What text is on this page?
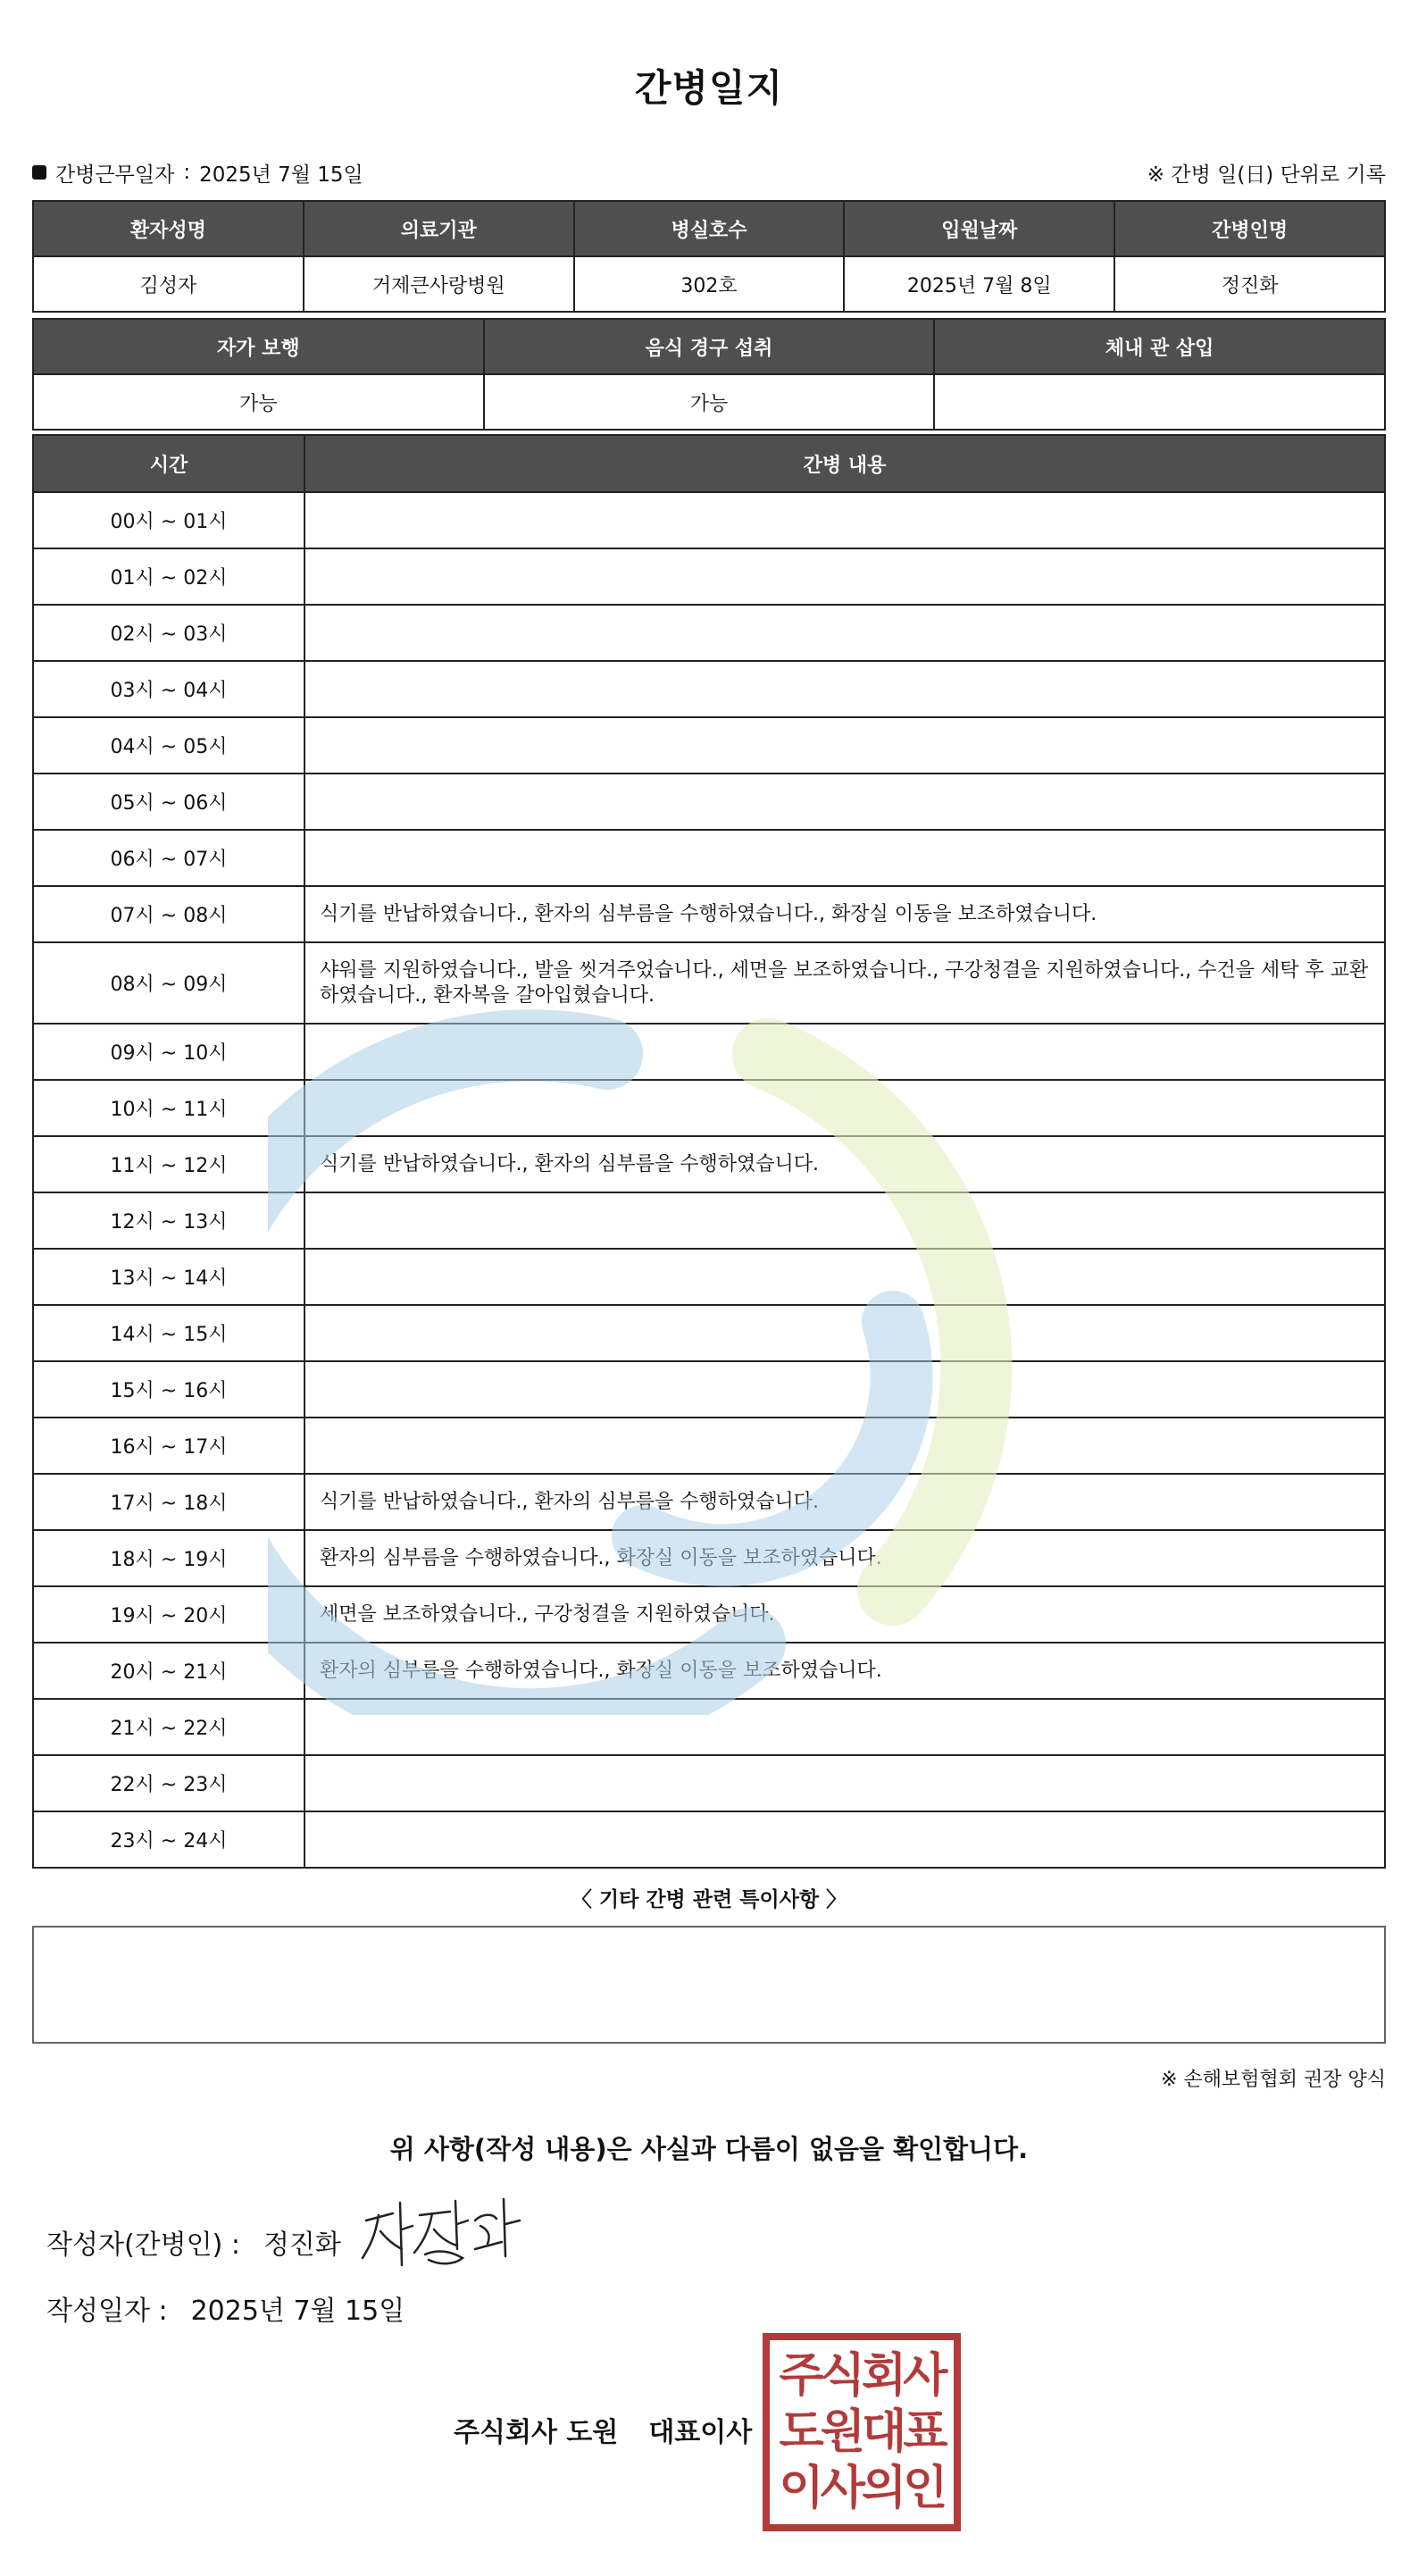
간병일지
간병근무일자 : 2025년 7월 15일	※ 간병 일(日) 단위로 기록
환자성명	의료기관	병실호수	입원날짜	간병인명
김성자	거제큰사랑병원	302호	2025년 7월 8일	정진화
자가 보행	음식 경구 섭취	체내 관 삽입
가능	가능	
시간	간병 내용
00시 ~ 01시	
01시 ~ 02시	
02시 ~ 03시	
03시 ~ 04시	
04시 ~ 05시	
05시 ~ 06시	
06시 ~ 07시	
07시 ~ 08시	식기를 반납하였습니다., 환자의 심부름을 수행하였습니다., 화장실 이동을 보조하였습니다.
08시 ~ 09시	샤워를 지원하였습니다., 발을 씻겨주었습니다., 세면을 보조하였습니다., 구강청결을 지원하였습니다., 수건을 세탁 후 교환하였습니다., 환자복을 갈아입혔습니다.
09시 ~ 10시	
10시 ~ 11시	
11시 ~ 12시	식기를 반납하였습니다., 환자의 심부름을 수행하였습니다.
12시 ~ 13시	
13시 ~ 14시	
14시 ~ 15시	
15시 ~ 16시	
16시 ~ 17시	
17시 ~ 18시	식기를 반납하였습니다., 환자의 심부름을 수행하였습니다.
18시 ~ 19시	환자의 심부름을 수행하였습니다., 화장실 이동을 보조하였습니다.
19시 ~ 20시	세면을 보조하였습니다., 구강청결을 지원하였습니다.
20시 ~ 21시	환자의 심부름을 수행하였습니다., 화장실 이동을 보조하였습니다.
21시 ~ 22시	
22시 ~ 23시	
23시 ~ 24시	
〈 기타 간병 관련 특이사항 〉
※ 손해보험협회 권장 양식
위 사항(작성 내용)은 사실과 다름이 없음을 확인합니다.
작성자(간병인) : 정진화
작성일자 : 2025년 7월 15일
주식회사 도원 대표이사
주식회사
도원대표
이사의인
